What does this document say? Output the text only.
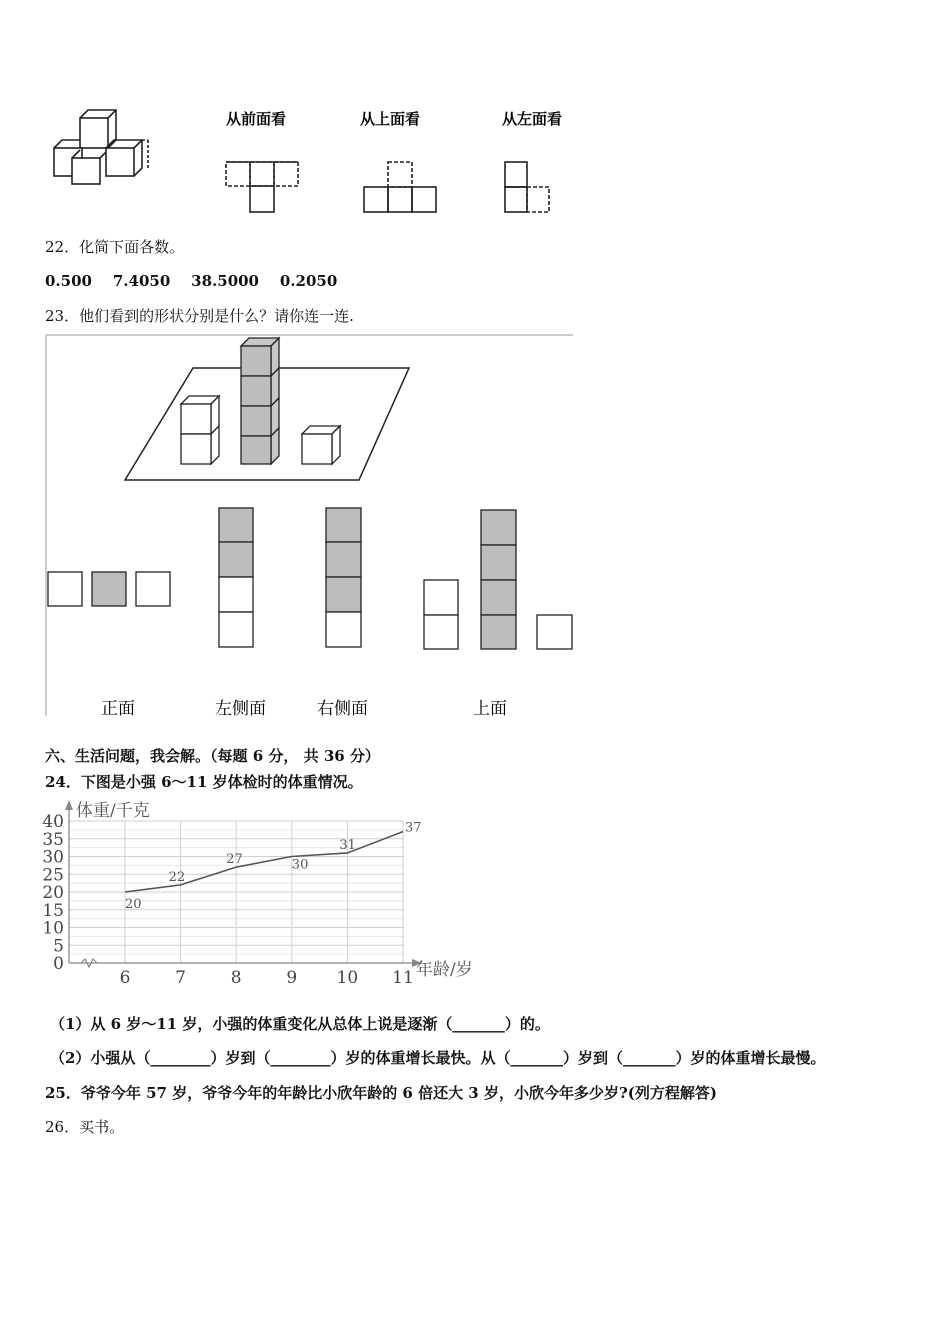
从前面看	从上面看	从左面看
22．化简下面各数。
0.500    7.4050    38.5000    0.2050
23．他们看到的形状分别是什么？请你连一连.
正面	左侧面	右侧面	上面
六、生活问题，我会解。（每题 6 分， 共 36 分）
24．下图是小强 6～11 岁体检时的体重情况。
0
5
10
15
20
25
30
35
40
6	7	8	9 10 11
体重/千克
年龄/岁
20
22
27	30
31
37
（1）从 6 岁～11 岁，小强的体重变化从总体上说是逐渐（_______）的。
（2）小强从（________）岁到（________）岁的体重增长最快。从（_______）岁到（_______）岁的体重增长最慢。
25．爷爷今年 57 岁，爷爷今年的年龄比小欣年龄的 6 倍还大 3 岁，小欣今年多少岁?(列方程解答)
26．买书。
